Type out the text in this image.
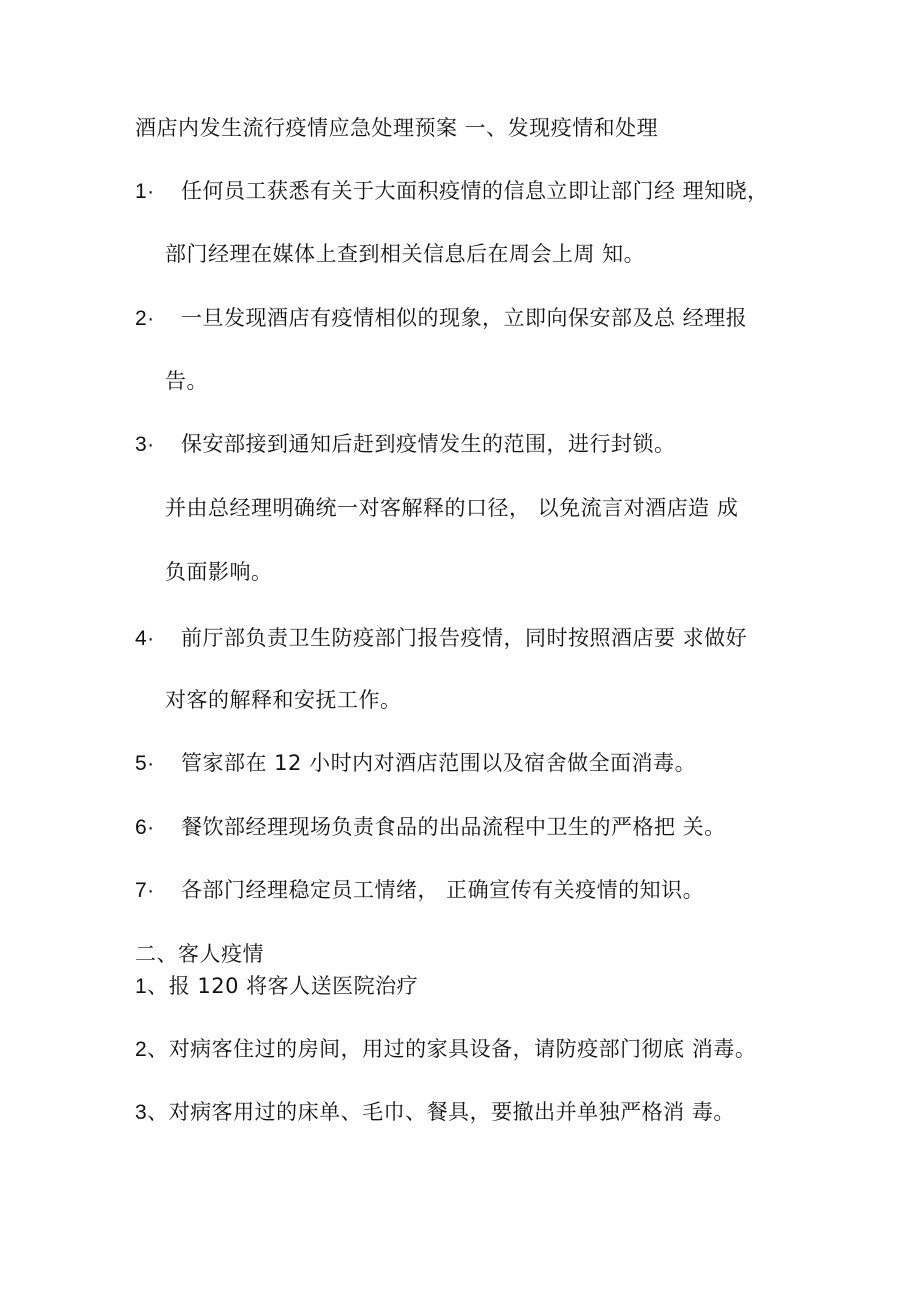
酒店内发生流行疫情应急处理预案 一、发现疫情和处理
1· 任何员工获悉有关于大面积疫情的信息立即让部门经 理知晓，
部门经理在媒体上查到相关信息后在周会上周 知。
2· 一旦发现酒店有疫情相似的现象，立即向保安部及总 经理报
告。
3· 保安部接到通知后赶到疫情发生的范围，进行封锁。
并由总经理明确统一对客解释的口径， 以免流言对酒店造 成
负面影响。
4· 前厅部负责卫生防疫部门报告疫情，同时按照酒店要 求做好
对客的解释和安抚工作。
5· 管家部在 12 小时内对酒店范围以及宿舍做全面消毒。
6· 餐饮部经理现场负责食品的出品流程中卫生的严格把 关。
7· 各部门经理稳定员工情绪， 正确宣传有关疫情的知识。
二、客人疫情
1、报 120 将客人送医院治疗
2、对病客住过的房间，用过的家具设备，请防疫部门彻底 消毒。
3、对病客用过的床单、毛巾、餐具，要撤出并单独严格消 毒。
